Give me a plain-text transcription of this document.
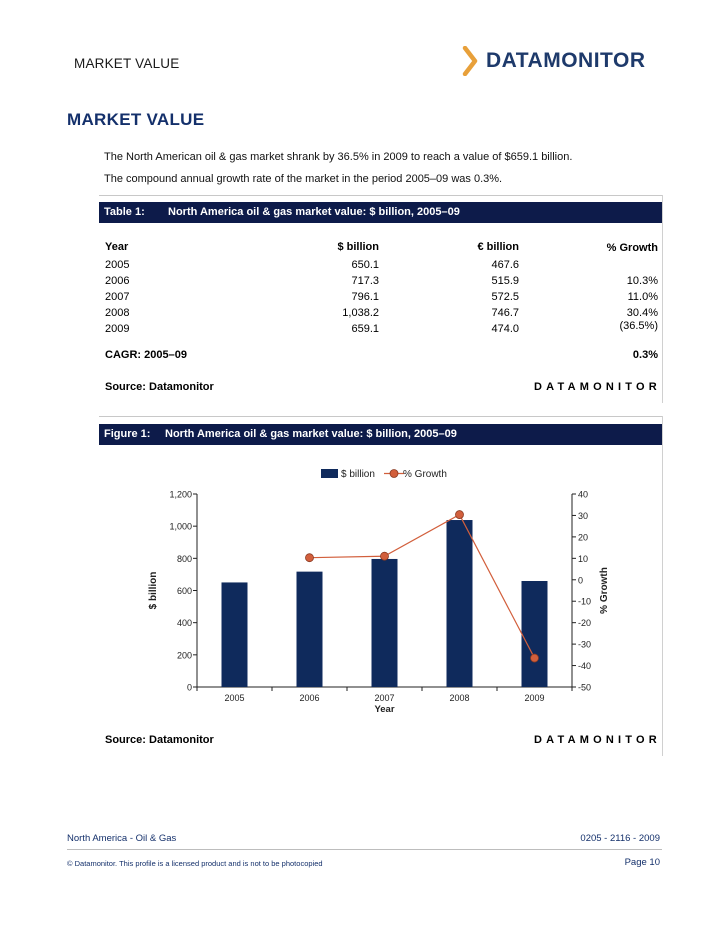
MARKET VALUE	DATAMONITOR
MARKET VALUE
The North American oil & gas market shrank by 36.5% in 2009 to reach a value of $659.1 billion.
The compound annual growth rate of the market in the period 2005–09 was 0.3%.
Table 1: North America oil & gas market value: $ billion, 2005–09
Year	$ billion	€ billion	% Growth
2005	650.1	467.6
2006	717.3	515.9	10.3%
2007	796.1	572.5	11.0%
2008	1,038.2	746.7	30.4%
2009	659.1	474.0	(36.5%)
CAGR: 2005–09	0.3%
Source: Datamonitor	DATAMONITOR
Figure 1: North America oil & gas market value: $ billion, 2005–09
0
200
400
600
800
1,000
1,200
-50
-40
-30
-20
-10
0
10
20
30
40
2005	2006	2007	2008	2009
Year
$ billion	% Growth
$ billion	% Growth
Source: Datamonitor	DATAMONITOR
North America - Oil & Gas	0205 - 2116 - 2009
© Datamonitor. This profile is a licensed product and is not to be photocopied	Page 10
